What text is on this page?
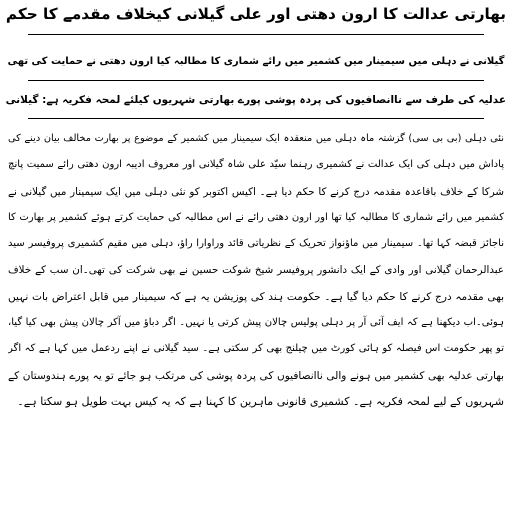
بھارتی عدالت کا ارون دھتی اور علی گیلانی کیخلاف مقدمے کا حکم
گیلانی نے دہلی میں سیمینار میں کشمیر میں رائے شماری کا مطالبہ کیا ارون دھتی نے حمایت کی تھی
عدلیہ کی طرف سے ناانصافیوں کی پردہ پوشی پورے بھارتی شہریوں کیلئے لمحہ فکریہ ہے: گیلانی
نئی دہلی (بی بی سی) گزشتہ ماہ دہلی میں منعقدہ ایک سیمینار میں کشمیر کے موضوع پر بھارت مخالف بیان دینے کی
پاداش میں دہلی کی ایک عدالت نے کشمیری رہنما سیّد علی شاہ گیلانی اور معروف ادیبہ ارون دھتی رائے سمیت پانچ
شرکا کے خلاف باقاعدہ مقدمہ درج کرنے کا حکم دیا ہے۔ اکیس اکتوبر کو نئی دہلی میں ایک سیمینار میں گیلانی نے
کشمیر میں رائے شماری کا مطالبہ کیا تھا اور ارون دھتی رائے نے اس مطالبہ کی حمایت کرتے ہوئے کشمیر پر بھارت کا
ناجائز قبضہ کہا تھا۔ سیمینار میں ماؤنواز تحریک کے نظریاتی قائد وراوارا راؤ، دہلی میں مقیم کشمیری پروفیسر سید
عبدالرحمان گیلانی اور وادی کے ایک دانشور پروفیسر شیخ شوکت حسین نے بھی شرکت کی تھی۔ان سب کے خلاف
بھی مقدمہ درج کرنے کا حکم دیا گیا ہے۔ حکومت ہند کی پوزیشن یہ ہے کہ سیمینار میں قابل اعتراض بات نہیں
ہوئی۔اب دیکھنا ہے کہ ایف آئی آر پر دہلی پولیس چالان پیش کرتی یا نہیں۔ اگر دباؤ میں آکر چالان پیش بھی کیا گیا،
تو پھر حکومت اس فیصلہ کو ہائی کورٹ میں چیلنج بھی کر سکتی ہے۔ سید گیلانی نے اپنے ردعمل میں کہا ہے کہ اگر
بھارتی عدلیہ بھی کشمیر میں ہونے والی ناانصافیوں کی پردہ پوشی کی مرتکب ہو جائے تو یہ پورے ہندوستان کے
شہریوں کے لیے لمحہ فکریہ ہے۔ کشمیری قانونی ماہرین کا کہنا ہے کہ یہ کیس بہت طویل ہو سکتا ہے۔
